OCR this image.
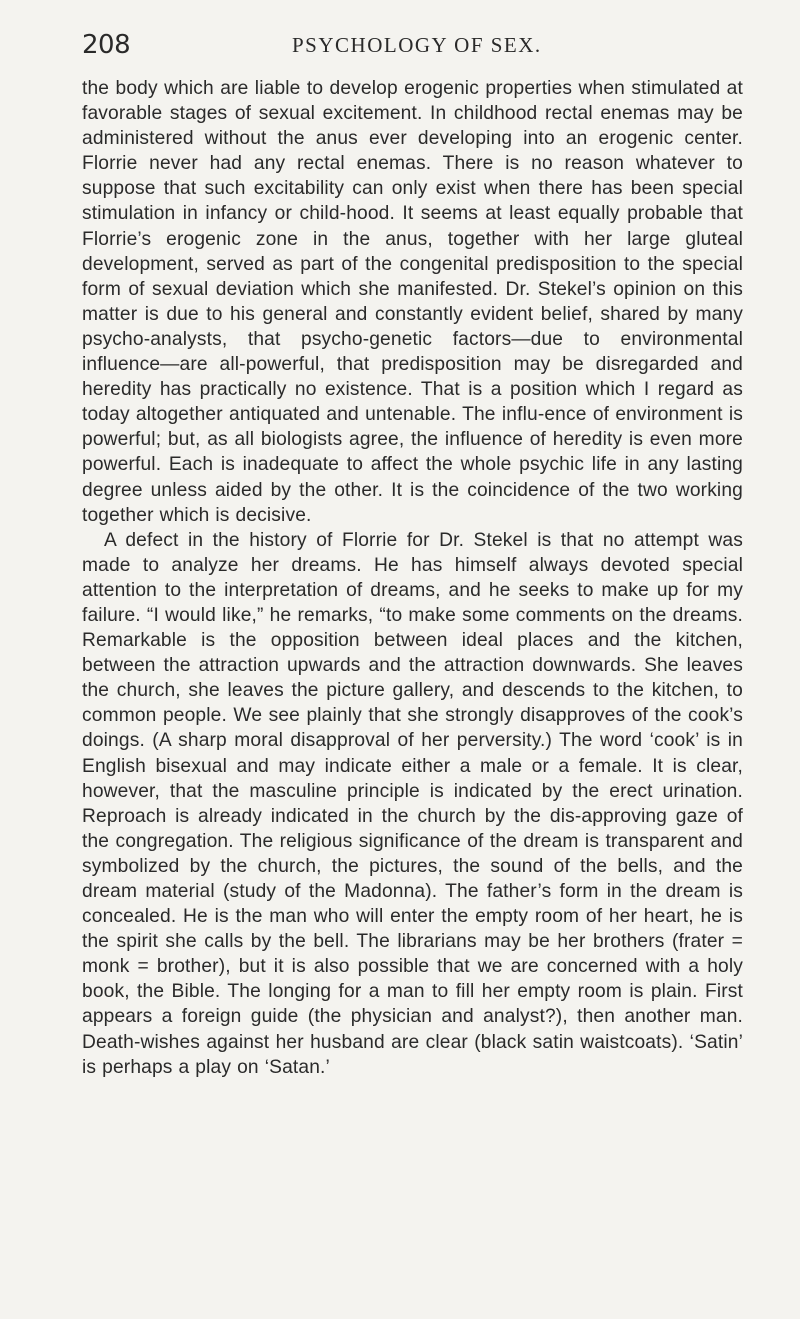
208	PSYCHOLOGY OF SEX.

the body which are liable to develop erogenic properties when stimulated at favorable stages of sexual excitement. In childhood rectal enemas may be administered without the anus ever developing into an erogenic center. Florrie never had any rectal enemas. There is no reason whatever to suppose that such excitability can only exist when there has been special stimulation in infancy or child-hood. It seems at least equally probable that Florrie’s erogenic zone in the anus, together with her large gluteal development, served as part of the congenital predisposition to the special form of sexual deviation which she manifested. Dr. Stekel’s opinion on this matter is due to his general and constantly evident belief, shared by many psycho-analysts, that psycho-genetic factors—due to environmental influence—are all-powerful, that predisposition may be disregarded and heredity has practically no existence. That is a position which I regard as today altogether antiquated and untenable. The influ-ence of environment is powerful; but, as all biologists agree, the influence of heredity is even more powerful. Each is inadequate to affect the whole psychic life in any lasting degree unless aided by the other. It is the coincidence of the two working together which is decisive.

A defect in the history of Florrie for Dr. Stekel is that no attempt was made to analyze her dreams. He has himself always devoted special attention to the interpretation of dreams, and he seeks to make up for my failure. “I would like,” he remarks, “to make some comments on the dreams. Remarkable is the opposition between ideal places and the kitchen, between the attraction upwards and the attraction downwards. She leaves the church, she leaves the picture gallery, and descends to the kitchen, to common people. We see plainly that she strongly disapproves of the cook’s doings. (A sharp moral disapproval of her perversity.) The word ‘cook’ is in English bisexual and may indicate either a male or a female. It is clear, however, that the masculine principle is indicated by the erect urination. Reproach is already indicated in the church by the dis-approving gaze of the congregation. The religious significance of the dream is transparent and symbolized by the church, the pictures, the sound of the bells, and the dream material (study of the Madonna). The father’s form in the dream is concealed. He is the man who will enter the empty room of her heart, he is the spirit she calls by the bell. The librarians may be her brothers (frater = monk = brother), but it is also possible that we are concerned with a holy book, the Bible. The longing for a man to fill her empty room is plain. First appears a foreign guide (the physician and analyst?), then another man. Death-wishes against her husband are clear (black satin waistcoats). ‘Satin’ is perhaps a play on ‘Satan.’
